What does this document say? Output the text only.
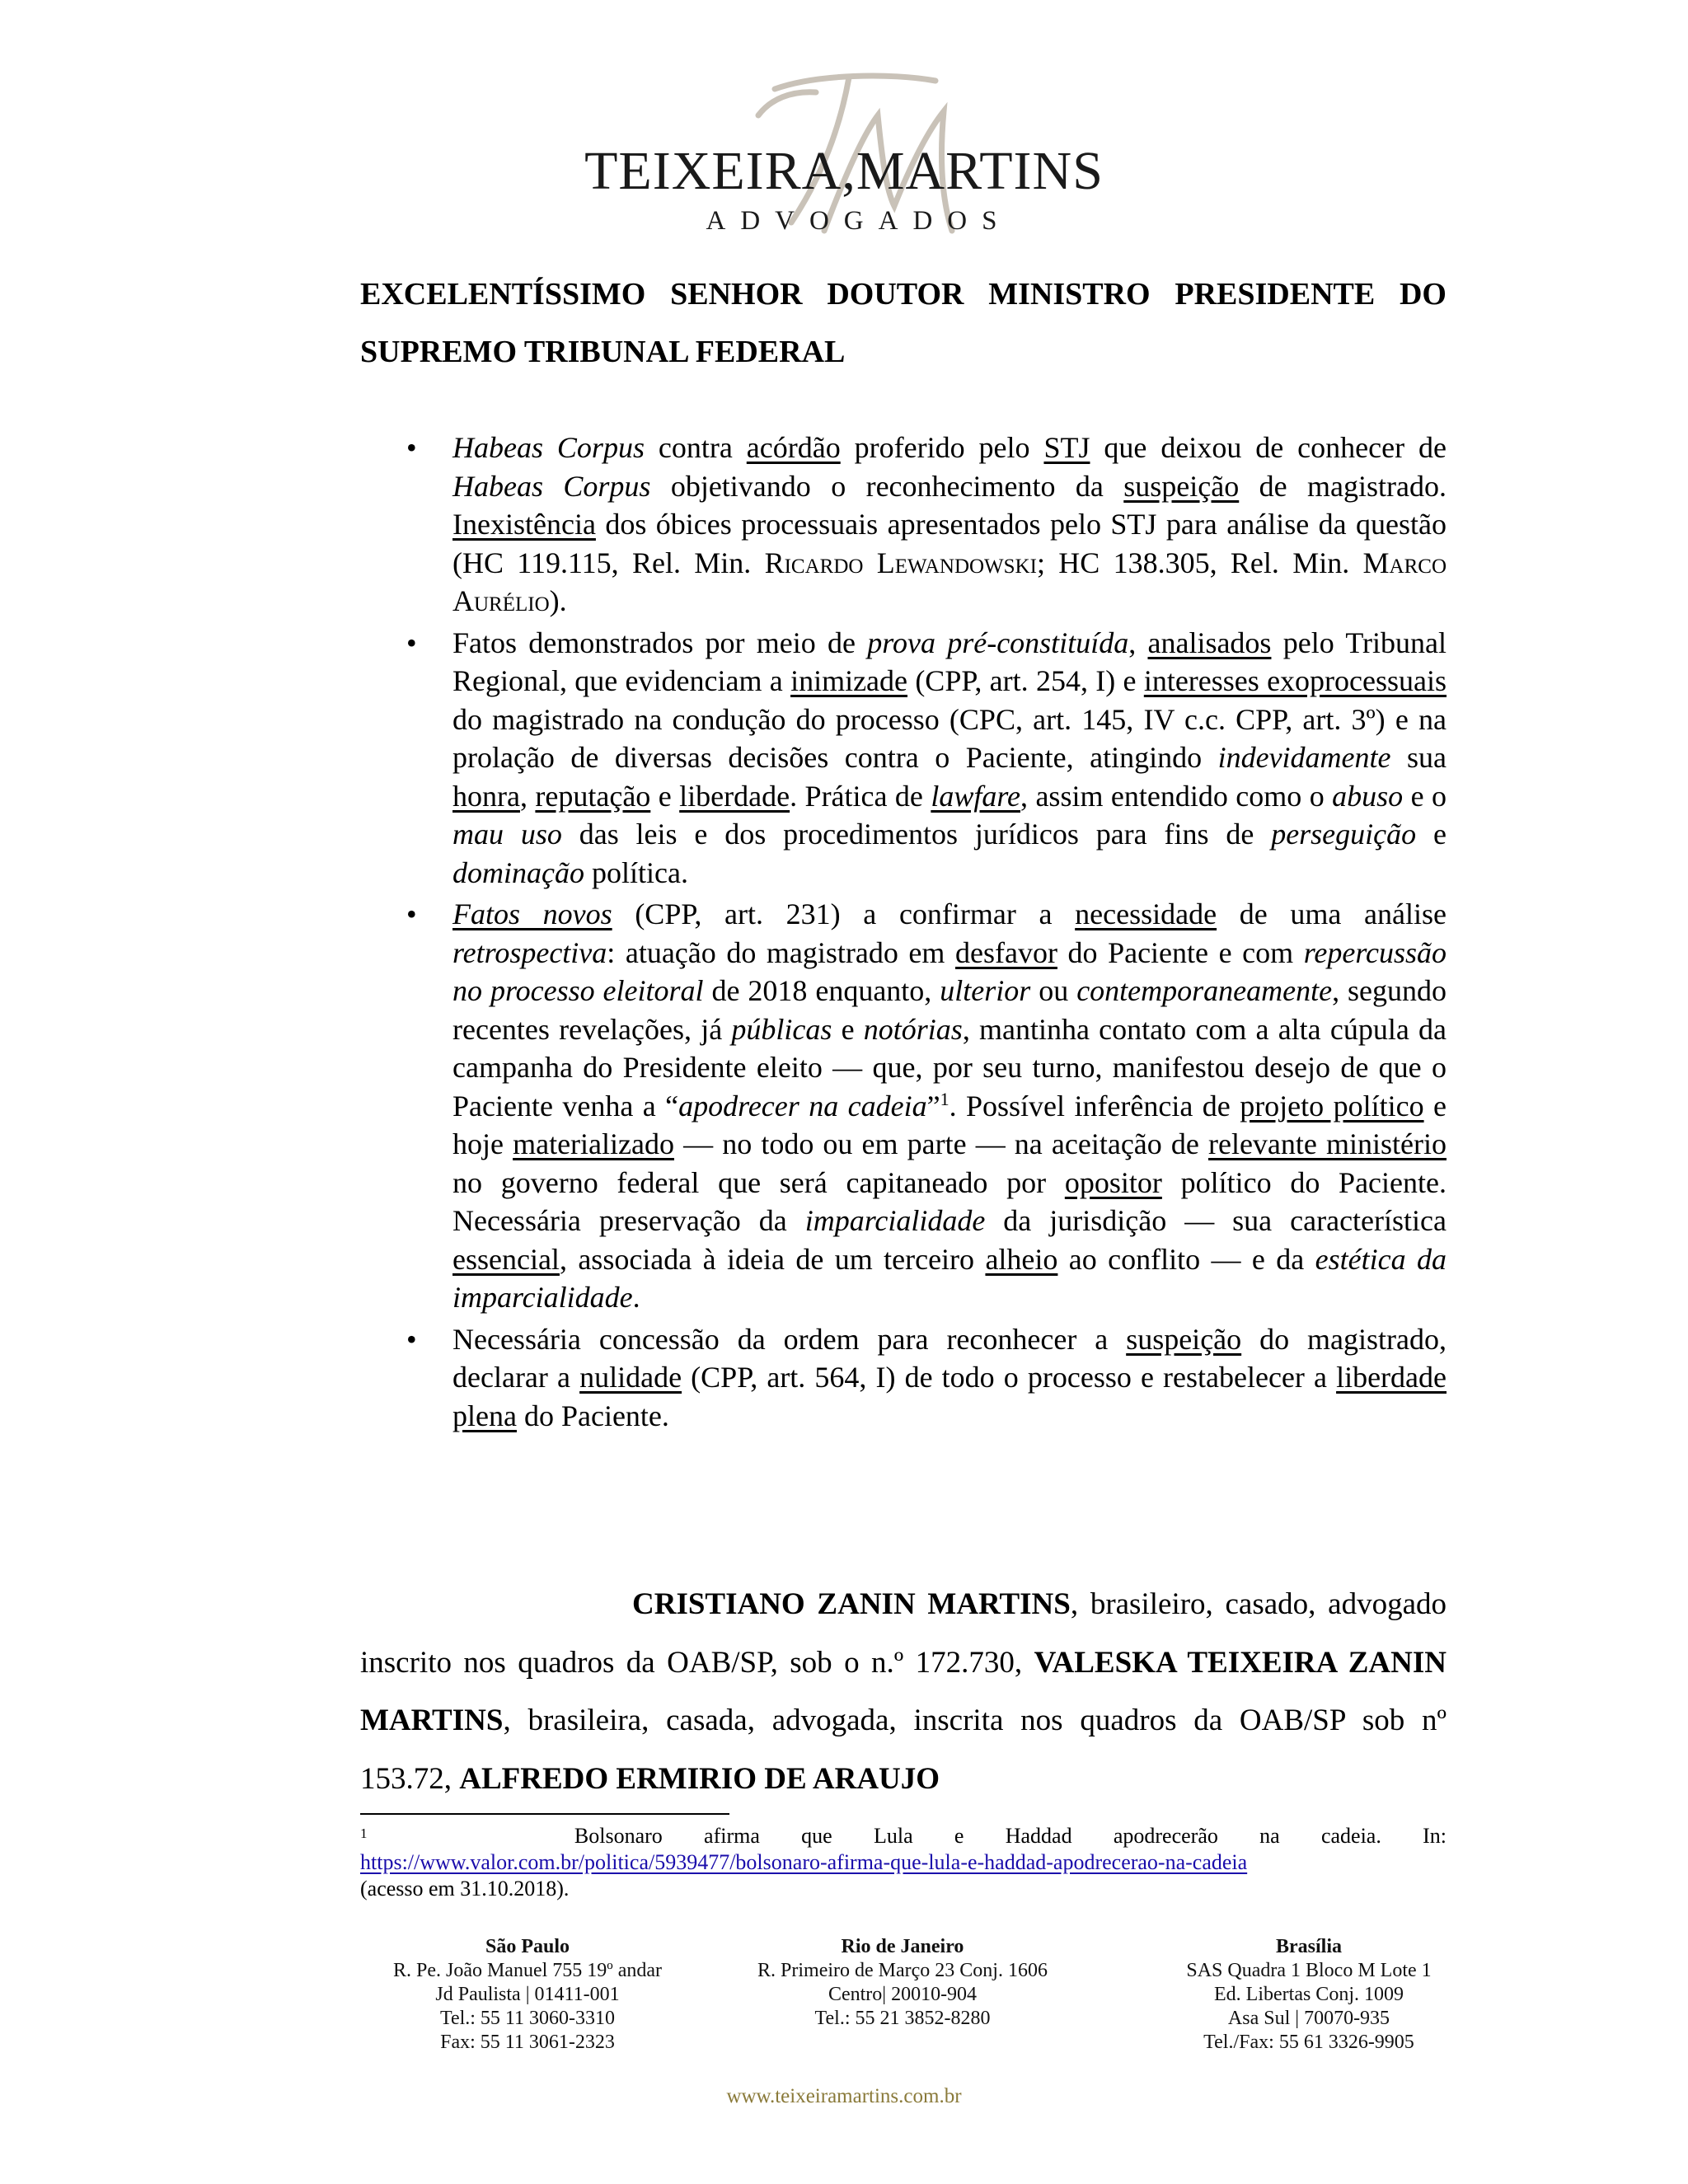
TEIXEIRA,MARTINS
ADVOGADOS
EXCELENTÍSSIMO SENHOR DOUTOR MINISTRO PRESIDENTE DO
SUPREMO TRIBUNAL FEDERAL
• Habeas Corpus contra acórdão proferido pelo STJ que deixou de conhecer de Habeas Corpus objetivando o reconhecimento da suspeição de magistrado. Inexistência dos óbices processuais apresentados pelo STJ para análise da questão (HC 119.115, Rel. Min. Ricardo Lewandowski; HC 138.305, Rel. Min. Marco Aurélio).
• Fatos demonstrados por meio de prova pré-constituída, analisados pelo Tribunal Regional, que evidenciam a inimizade (CPP, art. 254, I) e interesses exoprocessuais do magistrado na condução do processo (CPC, art. 145, IV c.c. CPP, art. 3º) e na prolação de diversas decisões contra o Paciente, atingindo indevidamente sua honra, reputação e liberdade. Prática de lawfare, assim entendido como o abuso e o mau uso das leis e dos procedimentos jurídicos para fins de perseguição e dominação política.
• Fatos novos (CPP, art. 231) a confirmar a necessidade de uma análise retrospectiva: atuação do magistrado em desfavor do Paciente e com repercussão no processo eleitoral de 2018 enquanto, ulterior ou contemporaneamente, segundo recentes revelações, já públicas e notórias, mantinha contato com a alta cúpula da campanha do Presidente eleito — que, por seu turno, manifestou desejo de que o Paciente venha a “apodrecer na cadeia”$^1$. Possível inferência de projeto político e hoje materializado — no todo ou em parte — na aceitação de relevante ministério no governo federal que será capitaneado por opositor político do Paciente. Necessária preservação da imparcialidade da jurisdição — sua característica essencial, associada à ideia de um terceiro alheio ao conflito — e da estética da imparcialidade.
• Necessária concessão da ordem para reconhecer a suspeição do magistrado, declarar a nulidade (CPP, art. 564, I) de todo o processo e restabelecer a liberdade plena do Paciente.

CRISTIANO ZANIN MARTINS, brasileiro, casado, advogado inscrito nos quadros da OAB/SP, sob o n.º 172.730, VALESKA TEIXEIRA ZANIN MARTINS, brasileira, casada, advogada, inscrita nos quadros da OAB/SP sob nº 153.72, ALFREDO ERMIRIO DE ARAUJO

$^1$	Bolsonaro afirma que Lula e Haddad apodrecerão na cadeia. In:
https://www.valor.com.br/politica/5939477/bolsonaro-afirma-que-lula-e-haddad-apodrecerao-na-cadeia
(acesso em 31.10.2018).

São Paulo
R. Pe. João Manuel 755 19º andar
Jd Paulista | 01411-001
Tel.: 55 11 3060-3310
Fax: 55 11 3061-2323
Rio de Janeiro
R. Primeiro de Março 23 Conj. 1606
Centro| 20010-904
Tel.: 55 21 3852-8280
Brasília
SAS Quadra 1 Bloco M Lote 1
Ed. Libertas Conj. 1009
Asa Sul | 70070-935
Tel./Fax: 55 61 3326-9905
www.teixeiramartins.com.br
